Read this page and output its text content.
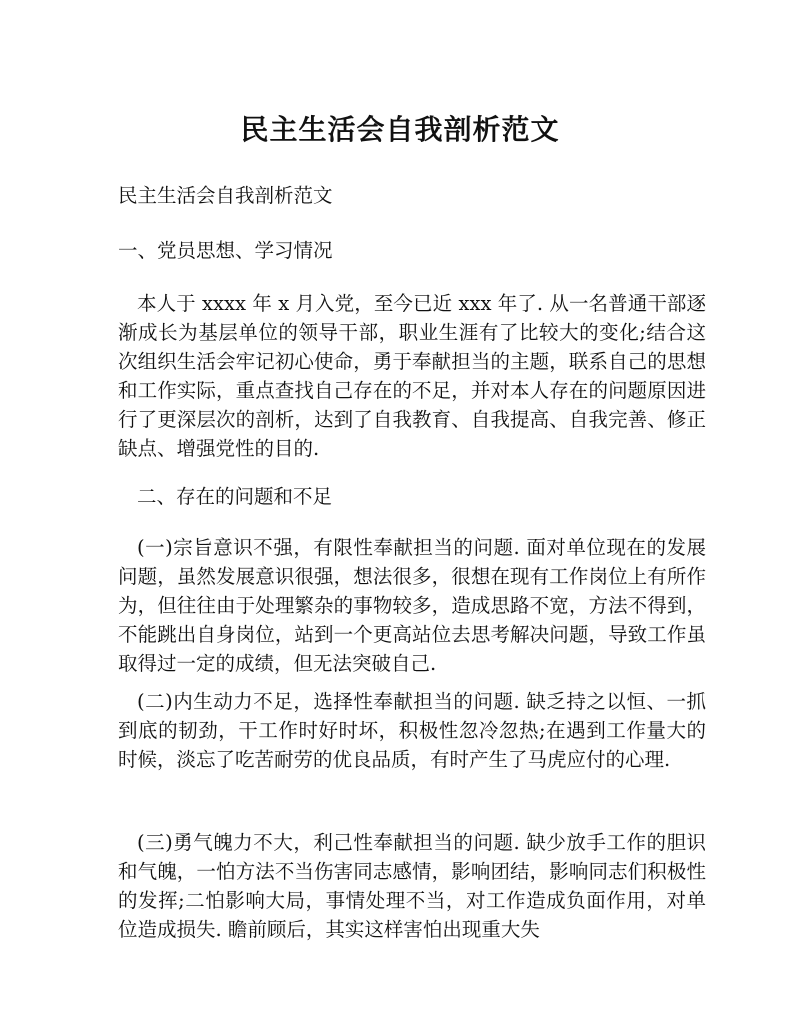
民主生活会自我剖析范文

民主生活会自我剖析范文

一、党员思想、学习情况

本人于 xxxx 年 x 月入党，至今已近 xxx 年了. 从一名普通干部逐渐成长为基层单位的领导干部，职业生涯有了比较大的变化;结合这次组织生活会牢记初心使命，勇于奉献担当的主题，联系自己的思想和工作实际，重点查找自己存在的不足，并对本人存在的问题原因进行了更深层次的剖析，达到了自我教育、自我提高、自我完善、修正缺点、增强党性的目的.

二、存在的问题和不足

(一)宗旨意识不强，有限性奉献担当的问题. 面对单位现在的发展问题，虽然发展意识很强，想法很多，很想在现有工作岗位上有所作为，但往往由于处理繁杂的事物较多，造成思路不宽，方法不得到，不能跳出自身岗位，站到一个更高站位去思考解决问题，导致工作虽取得过一定的成绩，但无法突破自己.

(二)内生动力不足，选择性奉献担当的问题. 缺乏持之以恒、一抓到底的韧劲，干工作时好时坏，积极性忽冷忽热;在遇到工作量大的时候，淡忘了吃苦耐劳的优良品质，有时产生了马虎应付的心理.

(三)勇气魄力不大，利己性奉献担当的问题. 缺少放手工作的胆识和气魄，一怕方法不当伤害同志感情，影响团结，影响同志们积极性的发挥;二怕影响大局，事情处理不当，对工作造成负面作用，对单位造成损失. 瞻前顾后，其实这样害怕出现重大失
